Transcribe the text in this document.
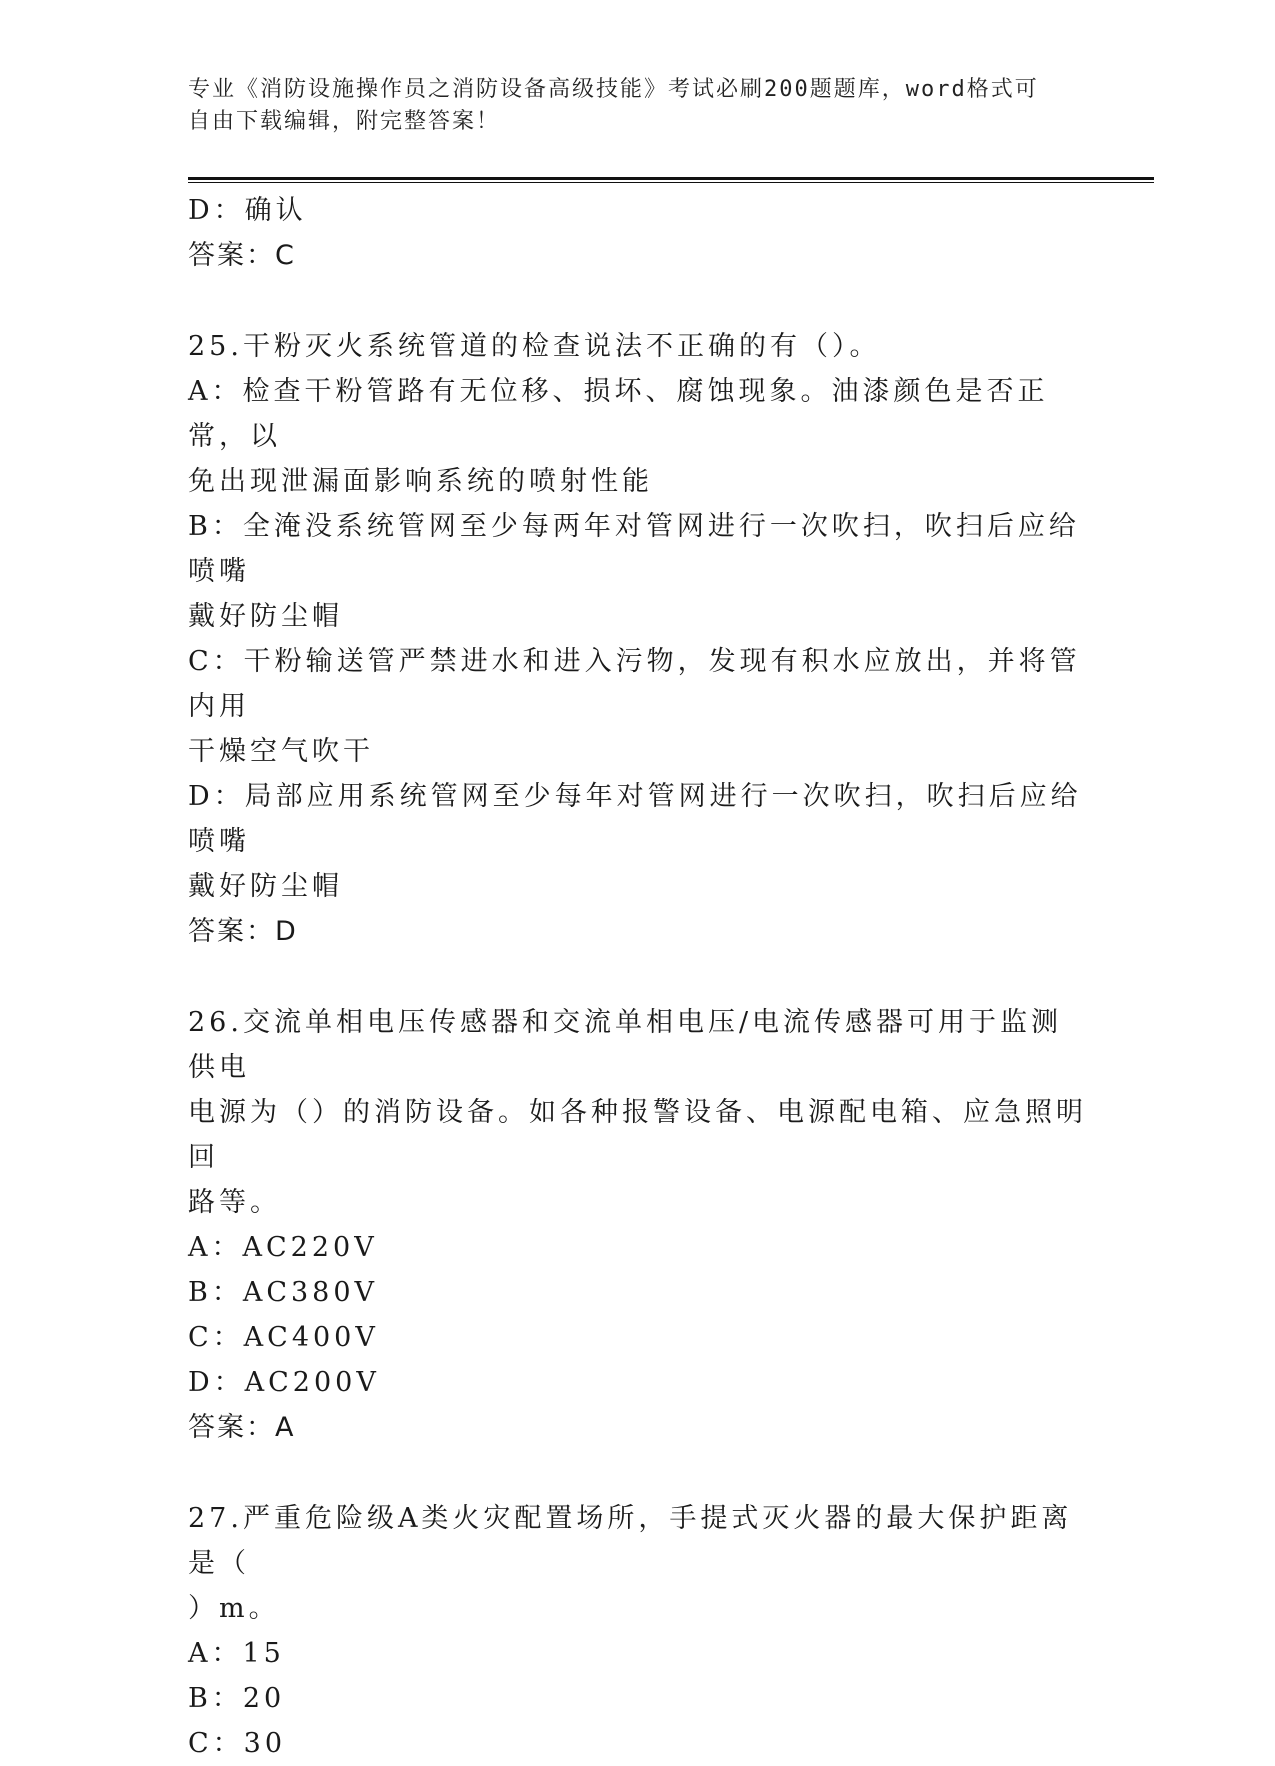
专业《消防设施操作员之消防设备高级技能》考试必刷200题题库，word格式可
自由下载编辑，附完整答案！

D：确认

答案：C

25.干粉灭火系统管道的检查说法不正确的有（）。

A：检查干粉管路有无位移、损坏、腐蚀现象。油漆颜色是否正常，以

免出现泄漏面影响系统的喷射性能

B：全淹没系统管网至少每两年对管网进行一次吹扫，吹扫后应给喷嘴

戴好防尘帽

C：干粉输送管严禁进水和进入污物，发现有积水应放出，并将管内用

干燥空气吹干

D：局部应用系统管网至少每年对管网进行一次吹扫，吹扫后应给喷嘴

戴好防尘帽

答案：D

26.交流单相电压传感器和交流单相电压/电流传感器可用于监测供电

电源为（）的消防设备。如各种报警设备、电源配电箱、应急照明回

路等。

A：AC220V

B：AC380V

C：AC400V

D：AC200V

答案：A

27.严重危险级A类火灾配置场所，手提式灭火器的最大保护距离是（

）m。

A：15

B：20

C：30
